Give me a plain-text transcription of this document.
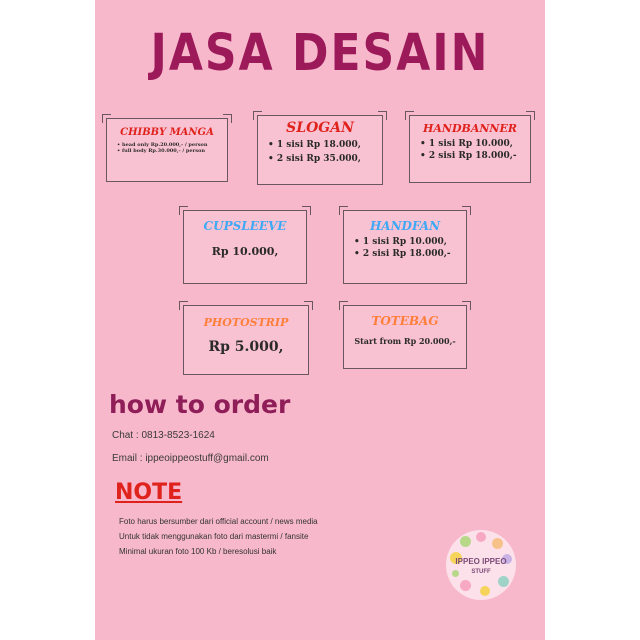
JASA DESAIN
CHIBBY MANGA
• head only Rp.20.000,- / person
• full body Rp.30.000,- / person
SLOGAN
• 1 sisi Rp 18.000,
• 2 sisi Rp 35.000,
HANDBANNER
• 1 sisi Rp 10.000,
• 2 sisi Rp 18.000,-
CUPSLEEVE
Rp 10.000,
HANDFAN
• 1 sisi Rp 10.000,
• 2 sisi Rp 18.000,-
PHOTOSTRIP
Rp 5.000,
TOTEBAG
Start from Rp 20.000,-
how to order
Chat : 0813-8523-1624
Email : ippeoippeostuff@gmail.com
NOTE
Foto harus bersumber dari official account / news media
Untuk tidak menggunakan foto dari mastermi / fansite
Minimal ukuran foto 100 Kb / beresolusi baik
IPPEO IPPEO
STUFF
